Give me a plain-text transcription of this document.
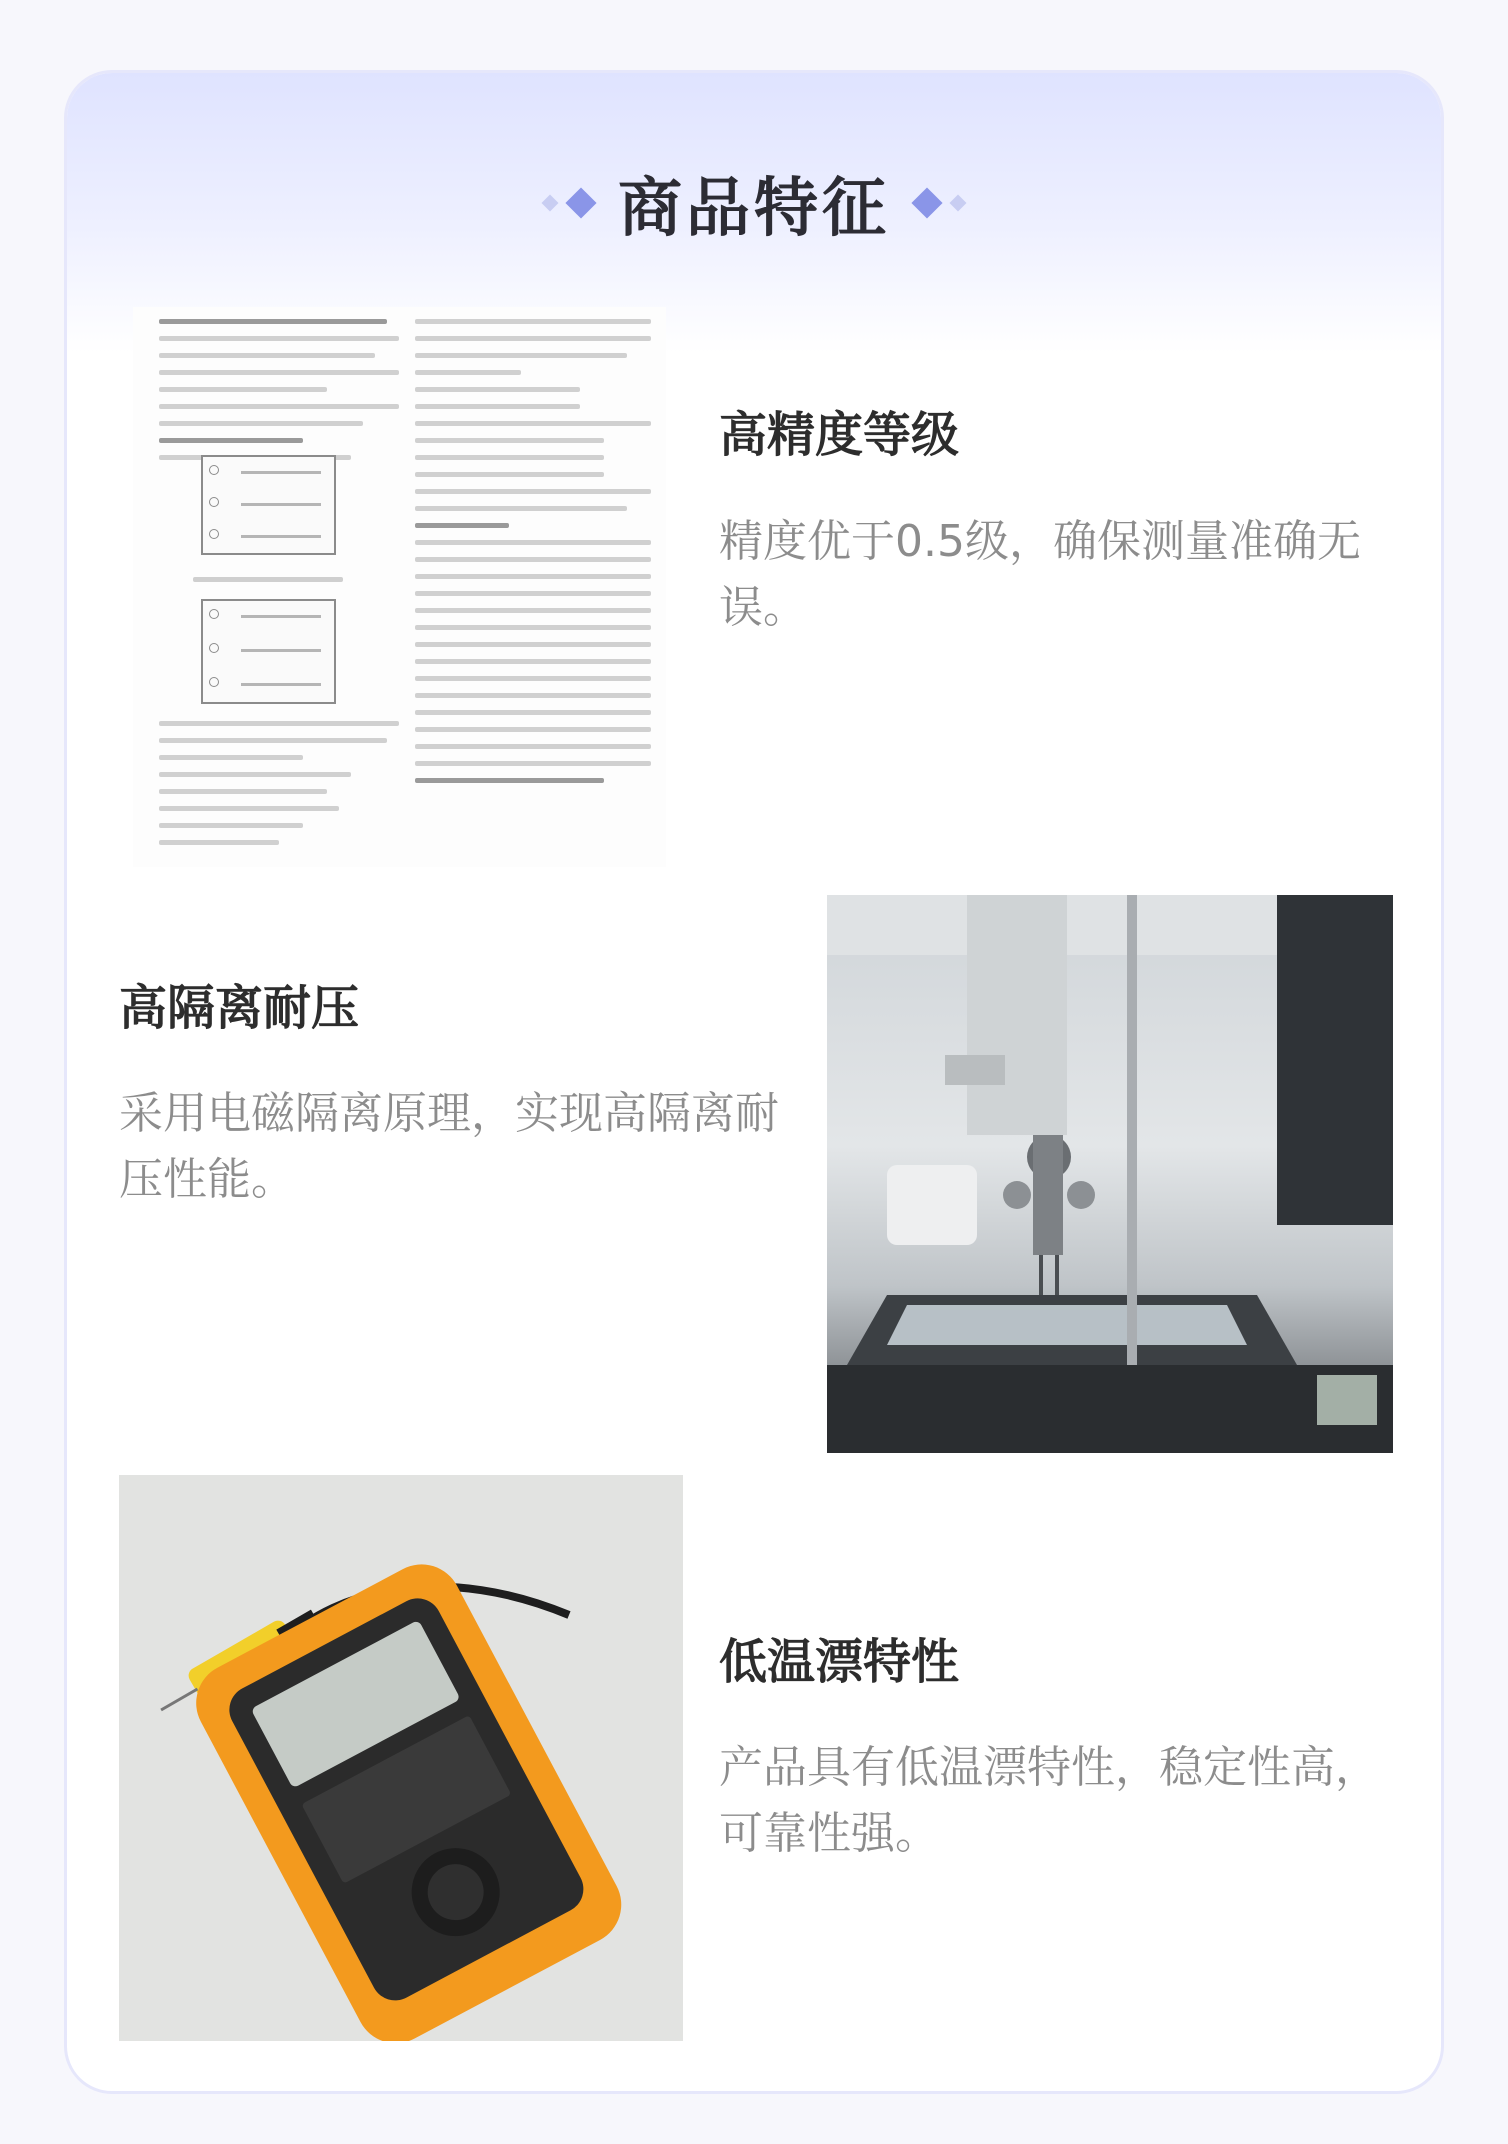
商品特征
高精度等级
精度优于0.5级，确保测量准确无误。
高隔离耐压
采用电磁隔离原理，实现高隔离耐压性能。
低温漂特性
产品具有低温漂特性，稳定性高，可靠性强。
